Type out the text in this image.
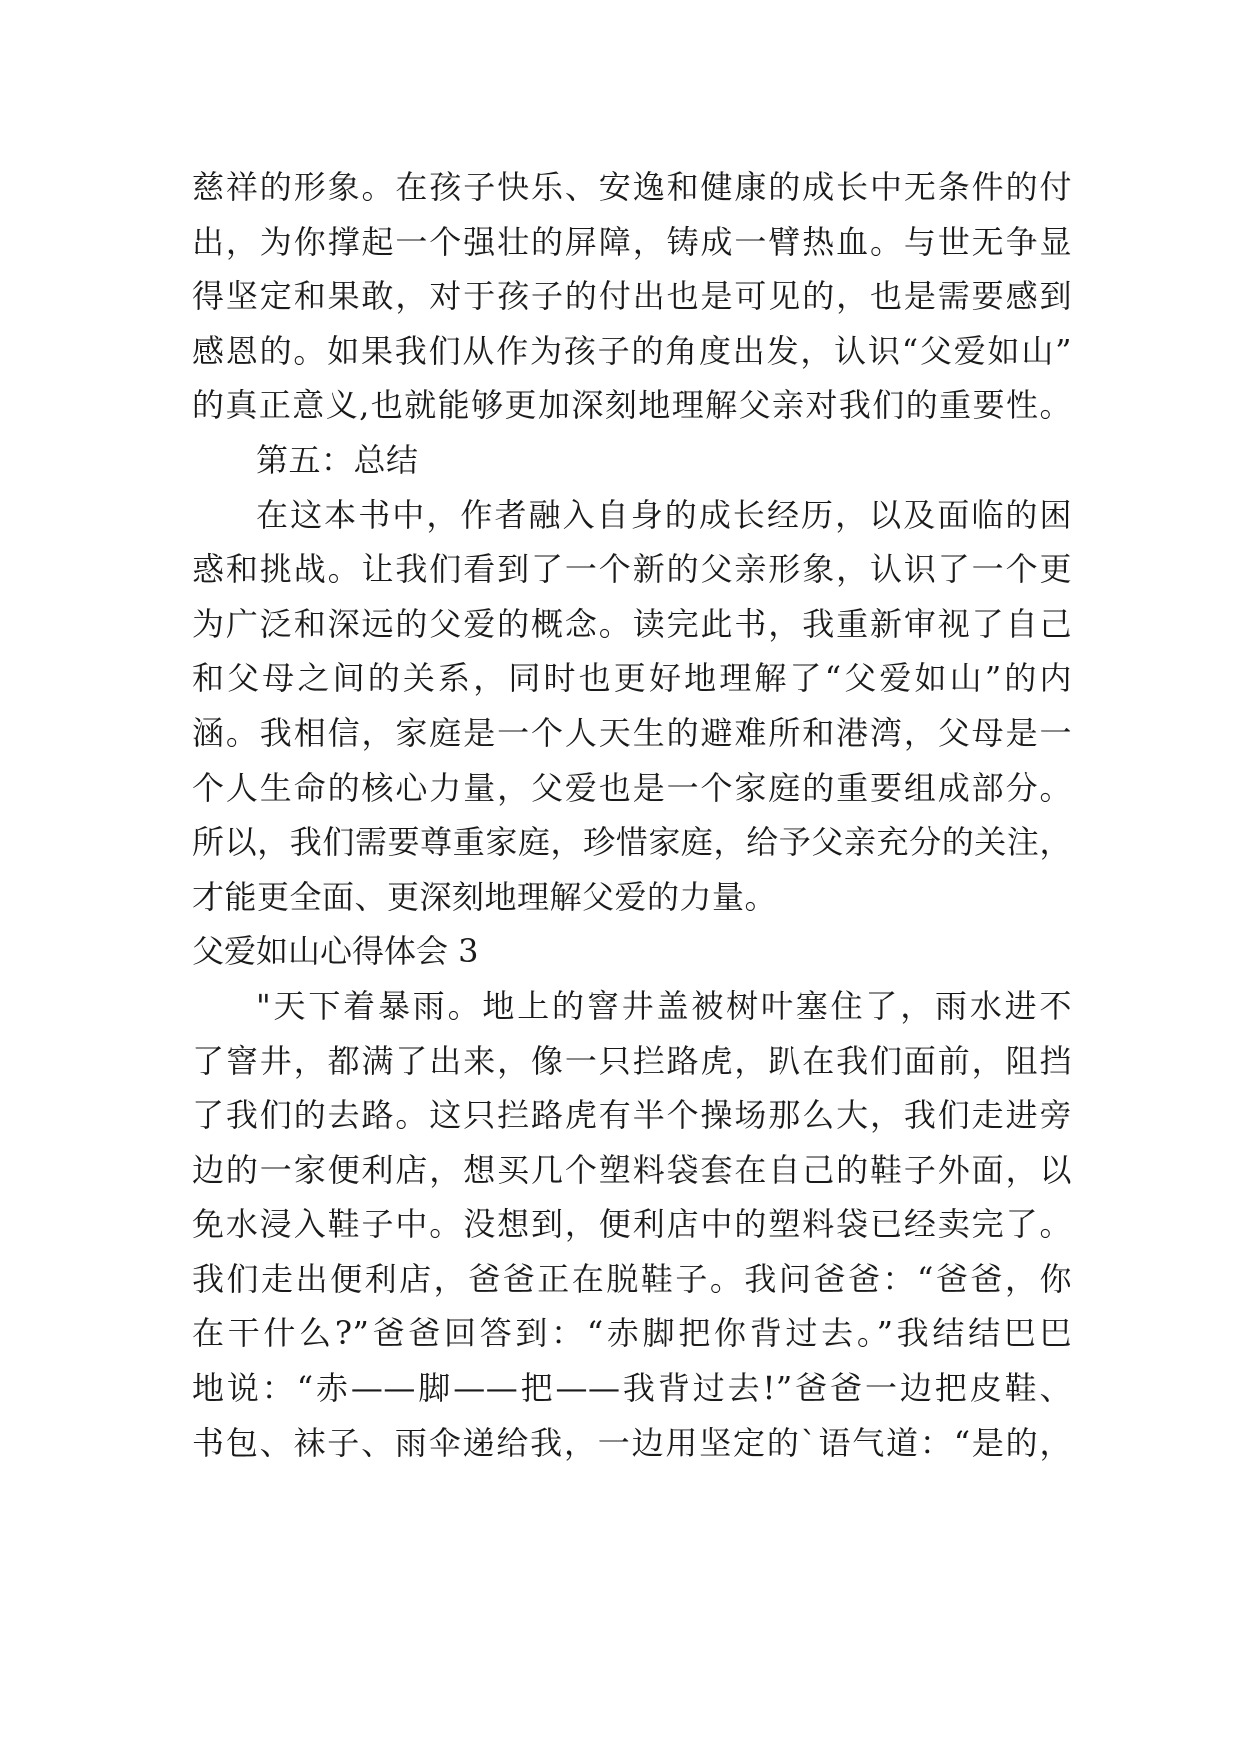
慈祥的形象。在孩子快乐、安逸和健康的成长中无条件的付
出，为你撑起一个强壮的屏障，铸成一臂热血。与世无争显
得坚定和果敢，对于孩子的付出也是可见的，也是需要感到
感恩的。如果我们从作为孩子的角度出发，认识“父爱如山”
的真正意义,也就能够更加深刻地理解父亲对我们的重要性。
第五：总结
在这本书中，作者融入自身的成长经历，以及面临的困
惑和挑战。让我们看到了一个新的父亲形象，认识了一个更
为广泛和深远的父爱的概念。读完此书，我重新审视了自己
和父母之间的关系，同时也更好地理解了“父爱如山”的内
涵。我相信，家庭是一个人天生的避难所和港湾，父母是一
个人生命的核心力量，父爱也是一个家庭的重要组成部分。
所以，我们需要尊重家庭，珍惜家庭，给予父亲充分的关注，
才能更全面、更深刻地理解父爱的力量。
父爱如山心得体会 3
"天下着暴雨。地上的窨井盖被树叶塞住了，雨水进不
了窨井，都满了出来，像一只拦路虎，趴在我们面前，阻挡
了我们的去路。这只拦路虎有半个操场那么大，我们走进旁
边的一家便利店，想买几个塑料袋套在自己的鞋子外面，以
免水浸入鞋子中。没想到，便利店中的塑料袋已经卖完了。
我们走出便利店，爸爸正在脱鞋子。我问爸爸：“爸爸，你
在干什么?”爸爸回答到：“赤脚把你背过去。”我结结巴巴
地说：“赤——脚——把——我背过去!”爸爸一边把皮鞋、
书包、袜子、雨伞递给我，一边用坚定的`语气道：“是的，
